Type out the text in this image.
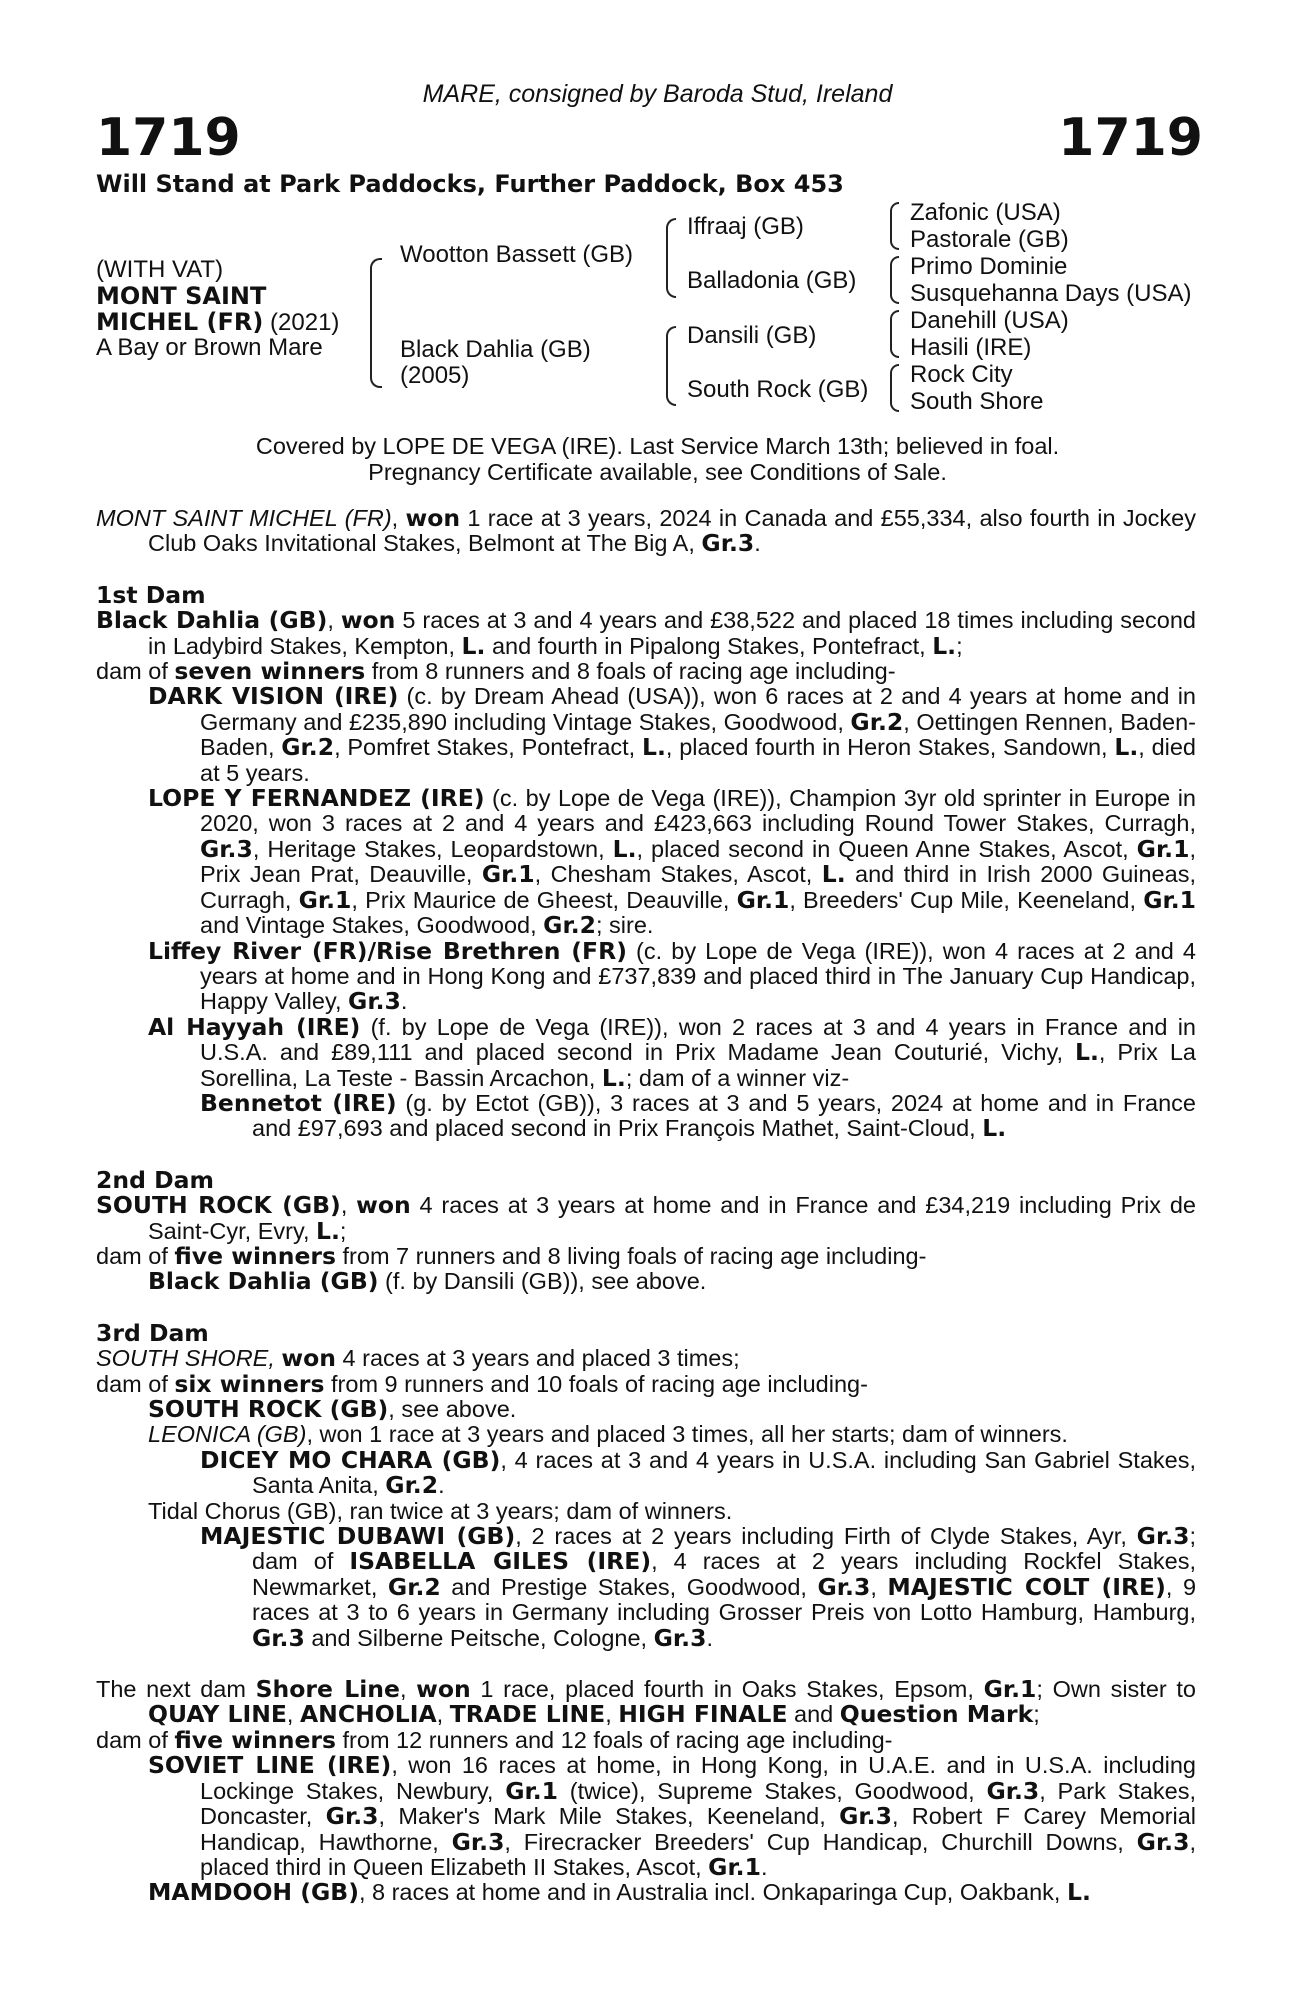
MARE, consigned by Baroda Stud, Ireland
1719	1719
Will Stand at Park Paddocks, Further Paddock, Box 453
(WITH VAT)
MONT SAINT
MICHEL (FR) (2021)
A Bay or Brown Mare
Wootton Bassett (GB)
Black Dahlia (GB)
(2005)
Iffraaj (GB)
Balladonia (GB)
Dansili (GB)
South Rock (GB)
Zafonic (USA)
Pastorale (GB)
Primo Dominie
Susquehanna Days (USA)
Danehill (USA)
Hasili (IRE)
Rock City
South Shore
Covered by LOPE DE VEGA (IRE). Last Service March 13th; believed in foal.
Pregnancy Certificate available, see Conditions of Sale.

MONT SAINT MICHEL (FR), won 1 race at 3 years, 2024 in Canada and £55,334, also fourth in Jockey Club Oaks Invitational Stakes, Belmont at The Big A, Gr.3.

1st Dam

Black Dahlia (GB), won 5 races at 3 and 4 years and £38,522 and placed 18 times including second in Ladybird Stakes, Kempton, L. and fourth in Pipalong Stakes, Pontefract, L.;

dam of seven winners from 8 runners and 8 foals of racing age including-

DARK VISION (IRE) (c. by Dream Ahead (USA)), won 6 races at 2 and 4 years at home and in Germany and £235,890 including Vintage Stakes, Goodwood, Gr.2, Oettingen Rennen, Baden-Baden, Gr.2, Pomfret Stakes, Pontefract, L., placed fourth in Heron Stakes, Sandown, L., died at 5 years.

LOPE Y FERNANDEZ (IRE) (c. by Lope de Vega (IRE)), Champion 3yr old sprinter in Europe in 2020, won 3 races at 2 and 4 years and £423,663 including Round Tower Stakes, Curragh, Gr.3, Heritage Stakes, Leopardstown, L., placed second in Queen Anne Stakes, Ascot, Gr.1, Prix Jean Prat, Deauville, Gr.1, Chesham Stakes, Ascot, L. and third in Irish 2000 Guineas, Curragh, Gr.1, Prix Maurice de Gheest, Deauville, Gr.1, Breeders' Cup Mile, Keeneland, Gr.1 and Vintage Stakes, Goodwood, Gr.2; sire.

Liffey River (FR)/Rise Brethren (FR) (c. by Lope de Vega (IRE)), won 4 races at 2 and 4 years at home and in Hong Kong and £737,839 and placed third in The January Cup Handicap, Happy Valley, Gr.3.

Al Hayyah (IRE) (f. by Lope de Vega (IRE)), won 2 races at 3 and 4 years in France and in U.S.A. and £89,111 and placed second in Prix Madame Jean Couturié, Vichy, L., Prix La Sorellina, La Teste - Bassin Arcachon, L.; dam of a winner viz-

Bennetot (IRE) (g. by Ectot (GB)), 3 races at 3 and 5 years, 2024 at home and in France and £97,693 and placed second in Prix François Mathet, Saint-Cloud, L.

2nd Dam

SOUTH ROCK (GB), won 4 races at 3 years at home and in France and £34,219 including Prix de Saint-Cyr, Evry, L.;

dam of five winners from 7 runners and 8 living foals of racing age including-

Black Dahlia (GB) (f. by Dansili (GB)), see above.

3rd Dam

SOUTH SHORE, won 4 races at 3 years and placed 3 times;

dam of six winners from 9 runners and 10 foals of racing age including-

SOUTH ROCK (GB), see above.

LEONICA (GB), won 1 race at 3 years and placed 3 times, all her starts; dam of winners.

DICEY MO CHARA (GB), 4 races at 3 and 4 years in U.S.A. including San Gabriel Stakes, Santa Anita, Gr.2.

Tidal Chorus (GB), ran twice at 3 years; dam of winners.

MAJESTIC DUBAWI (GB), 2 races at 2 years including Firth of Clyde Stakes, Ayr, Gr.3; dam of ISABELLA GILES (IRE), 4 races at 2 years including Rockfel Stakes, Newmarket, Gr.2 and Prestige Stakes, Goodwood, Gr.3, MAJESTIC COLT (IRE), 9 races at 3 to 6 years in Germany including Grosser Preis von Lotto Hamburg, Hamburg, Gr.3 and Silberne Peitsche, Cologne, Gr.3.

The next dam Shore Line, won 1 race, placed fourth in Oaks Stakes, Epsom, Gr.1; Own sister to QUAY LINE, ANCHOLIA, TRADE LINE, HIGH FINALE and Question Mark;

dam of five winners from 12 runners and 12 foals of racing age including-

SOVIET LINE (IRE), won 16 races at home, in Hong Kong, in U.A.E. and in U.S.A. including Lockinge Stakes, Newbury, Gr.1 (twice), Supreme Stakes, Goodwood, Gr.3, Park Stakes, Doncaster, Gr.3, Maker's Mark Mile Stakes, Keeneland, Gr.3, Robert F Carey Memorial Handicap, Hawthorne, Gr.3, Firecracker Breeders' Cup Handicap, Churchill Downs, Gr.3, placed third in Queen Elizabeth II Stakes, Ascot, Gr.1.

MAMDOOH (GB), 8 races at home and in Australia incl. Onkaparinga Cup, Oakbank, L.
